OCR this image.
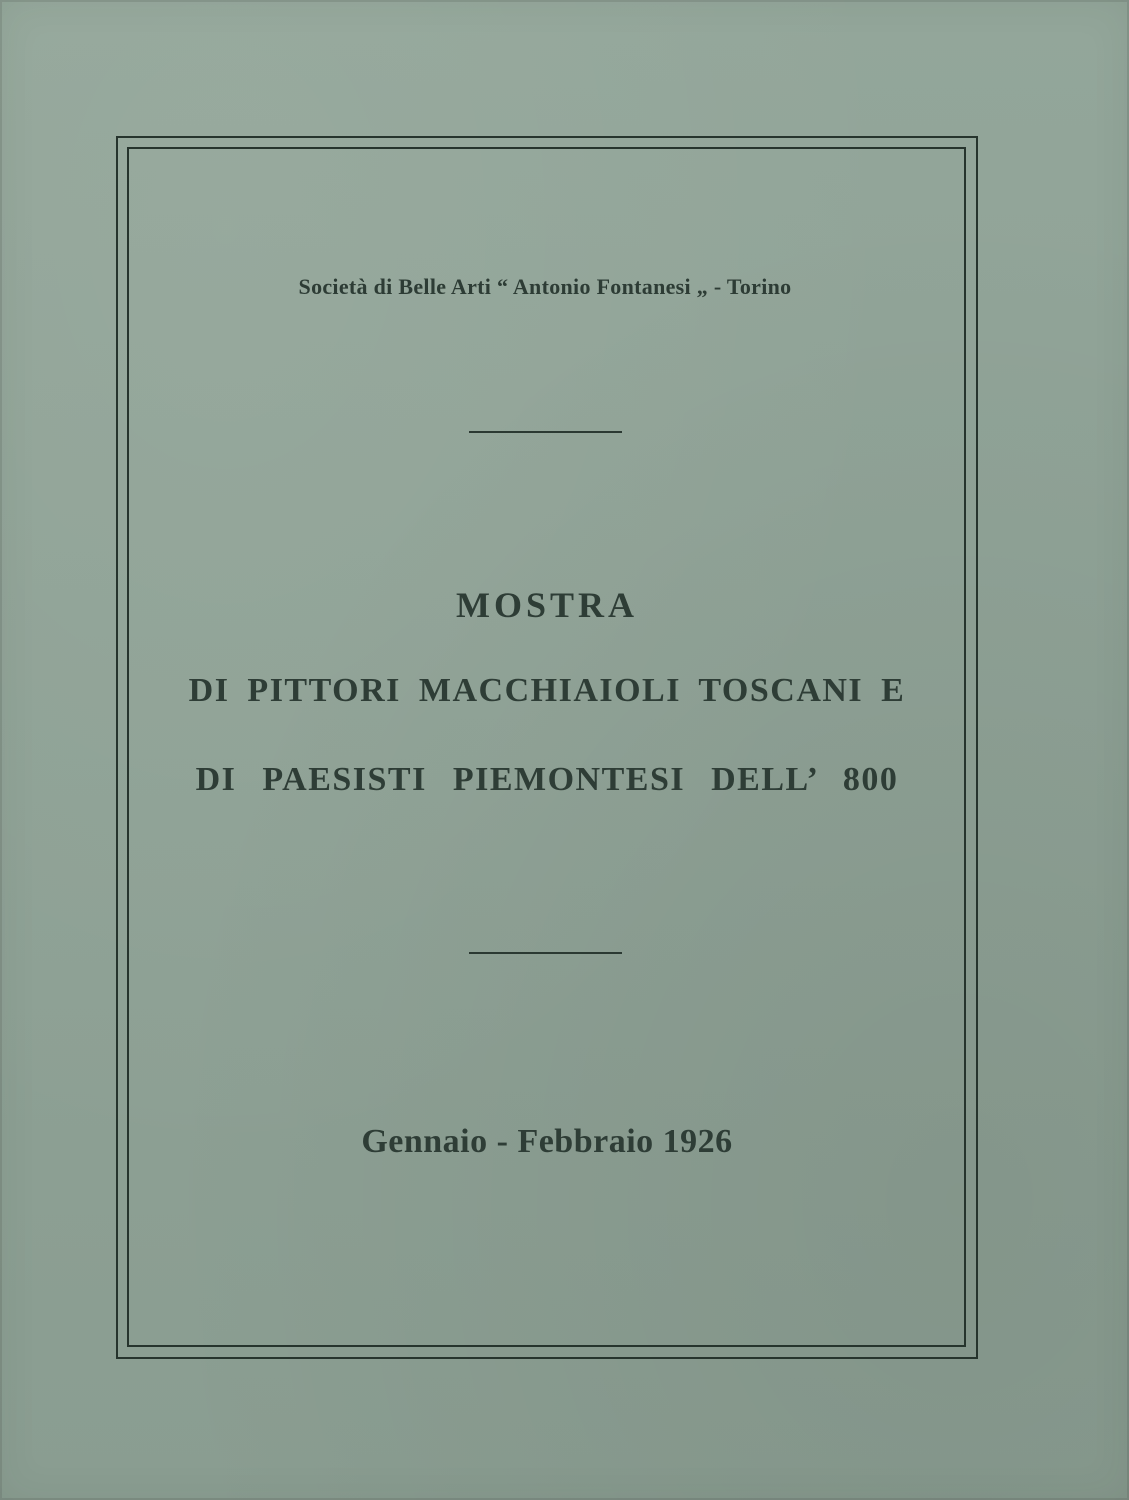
Società di Belle Arti “ Antonio Fontanesi „ - Torino
MOSTRA
DI PITTORI MACCHIAIOLI TOSCANI E
DI PAESISTI PIEMONTESI DELL’ 800
Gennaio - Febbraio 1926
